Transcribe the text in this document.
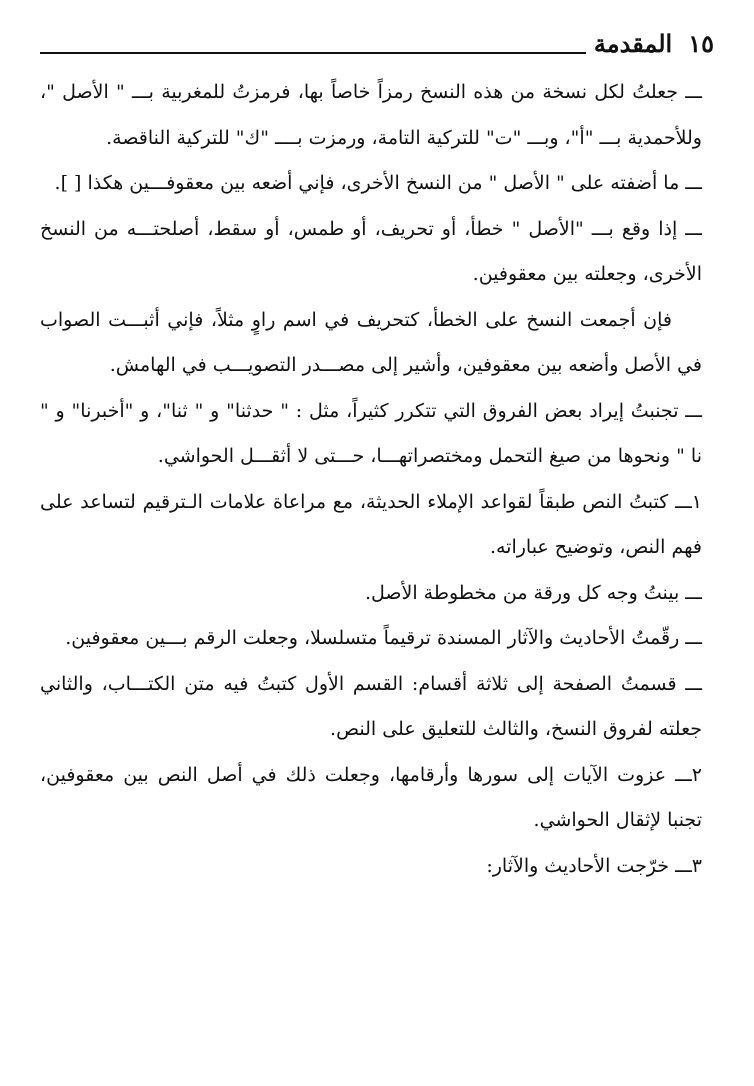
١٥
المقدمة

ـــ جعلتُ لكل نسخة من هذه النسخ رمزاً خاصاً بها، فرمزتُ للمغربية بـــ " الأصل "، وللأحمدية بـــ "أ"، وبـــ "ت" للتركية التامة، ورمزت بــــ "ك" للتركية الناقصة.

ـــ ما أضفته على " الأصل " من النسخ الأخرى، فإني أضعه بين معقوفـــين هكذا [ ].

ـــ إذا وقع بـــ "الأصل " خطأ، أو تحريف، أو طمس، أو سقط، أصلحتـــه من النسخ الأخرى، وجعلته بين معقوفين.

فإن أجمعت النسخ على الخطأ، كتحريف في اسم راوٍ مثلاً، فإني أثبـــت الصواب في الأصل وأضعه بين معقوفين، وأشير إلى مصـــدر التصويـــب في الهامش.

ـــ تجنبتُ إيراد بعض الفروق التي تتكرر كثيراً، مثل : " حدثنا" و " ثنا"، و "أخبرنا" و " نا " ونحوها من صيغ التحمل ومختصراتهـــا، حـــتى لا أثقـــل الحواشي.

١ـــ كتبتُ النص طبقاً لقواعد الإملاء الحديثة، مع مراعاة علامات الـترقيم لتساعد على فهم النص، وتوضيح عباراته.

ـــ بينتُ وجه كل ورقة من مخطوطة الأصل.

ـــ رقّمتُ الأحاديث والآثار المسندة ترقيماً متسلسلا، وجعلت الرقم بـــين معقوفين.

ـــ قسمتُ الصفحة إلى ثلاثة أقسام: القسم الأول كتبتُ فيه متن الكتـــاب، والثاني جعلته لفروق النسخ، والثالث للتعليق على النص.

٢ـــ عزوت الآيات إلى سورها وأرقامها، وجعلت ذلك في أصل النص بين معقوفين، تجنبا لإثقال الحواشي.

٣ـــ خرّجت الأحاديث والآثار:
